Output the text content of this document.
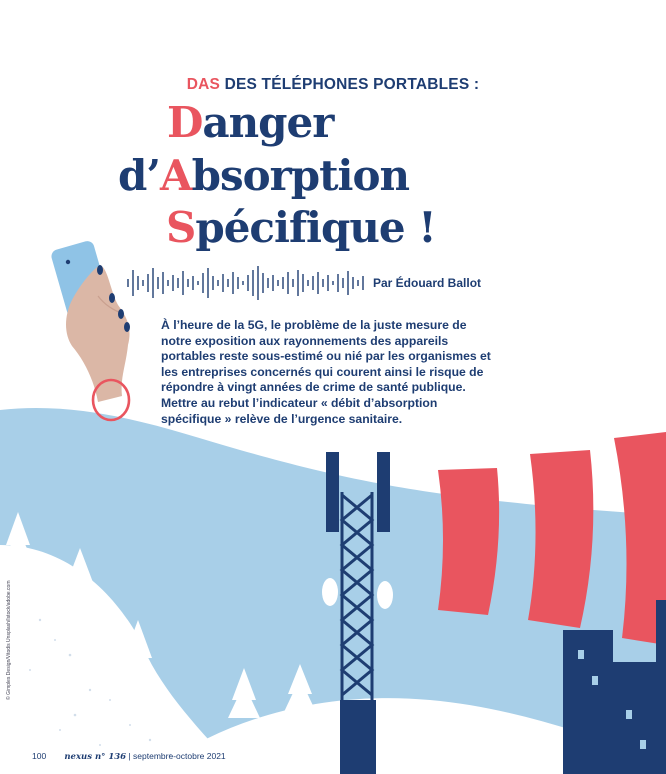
DAS DES TÉLÉPHONES PORTABLES :
Danger
d’Absorption
Spécifique !
Par Édouard Ballot
À l’heure de la 5G, le problème de la juste mesure de notre exposition aux rayonnements des appareils portables reste sous-estimé ou nié par les organismes et les entreprises concernés qui courent ainsi le risque de répondre à vingt années de crime de santé publique. Mettre au rebut l’indicateur « débit d’absorption spécifique » relève de l’urgence sanitaire.
© Gimples Design/Vitodis Unsplash/Istock/adobe.com
100 nexus n° 136 | septembre-octobre 2021
